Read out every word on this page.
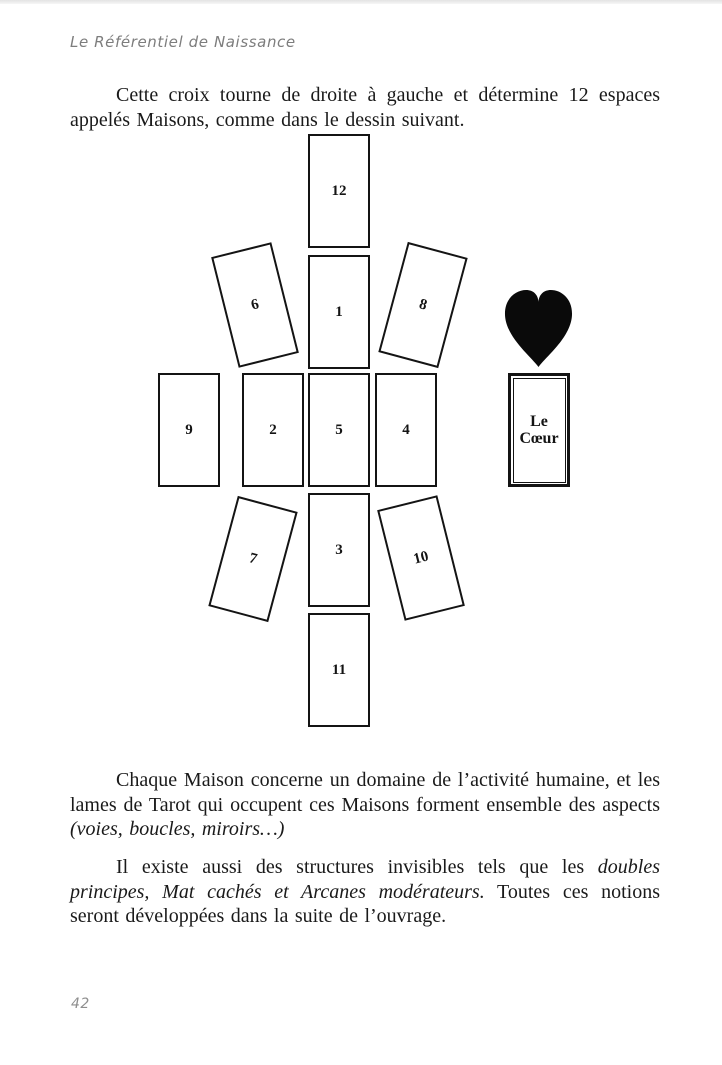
Le Référentiel de Naissance

Cette croix tourne de droite à gauche et détermine 12 espaces appelés Maisons, comme dans le dessin suivant.

12
6	1	8
9	2	5	4	Le
Cœur
7
3	10
11

Chaque Maison concerne un domaine de l’activité humaine, et les lames de Tarot qui occupent ces Maisons forment ensemble des aspects (voies, boucles, miroirs…)

Il existe aussi des structures invisibles tels que les doubles principes, Mat cachés et Arcanes modérateurs. Toutes ces notions seront développées dans la suite de l’ouvrage.

42
